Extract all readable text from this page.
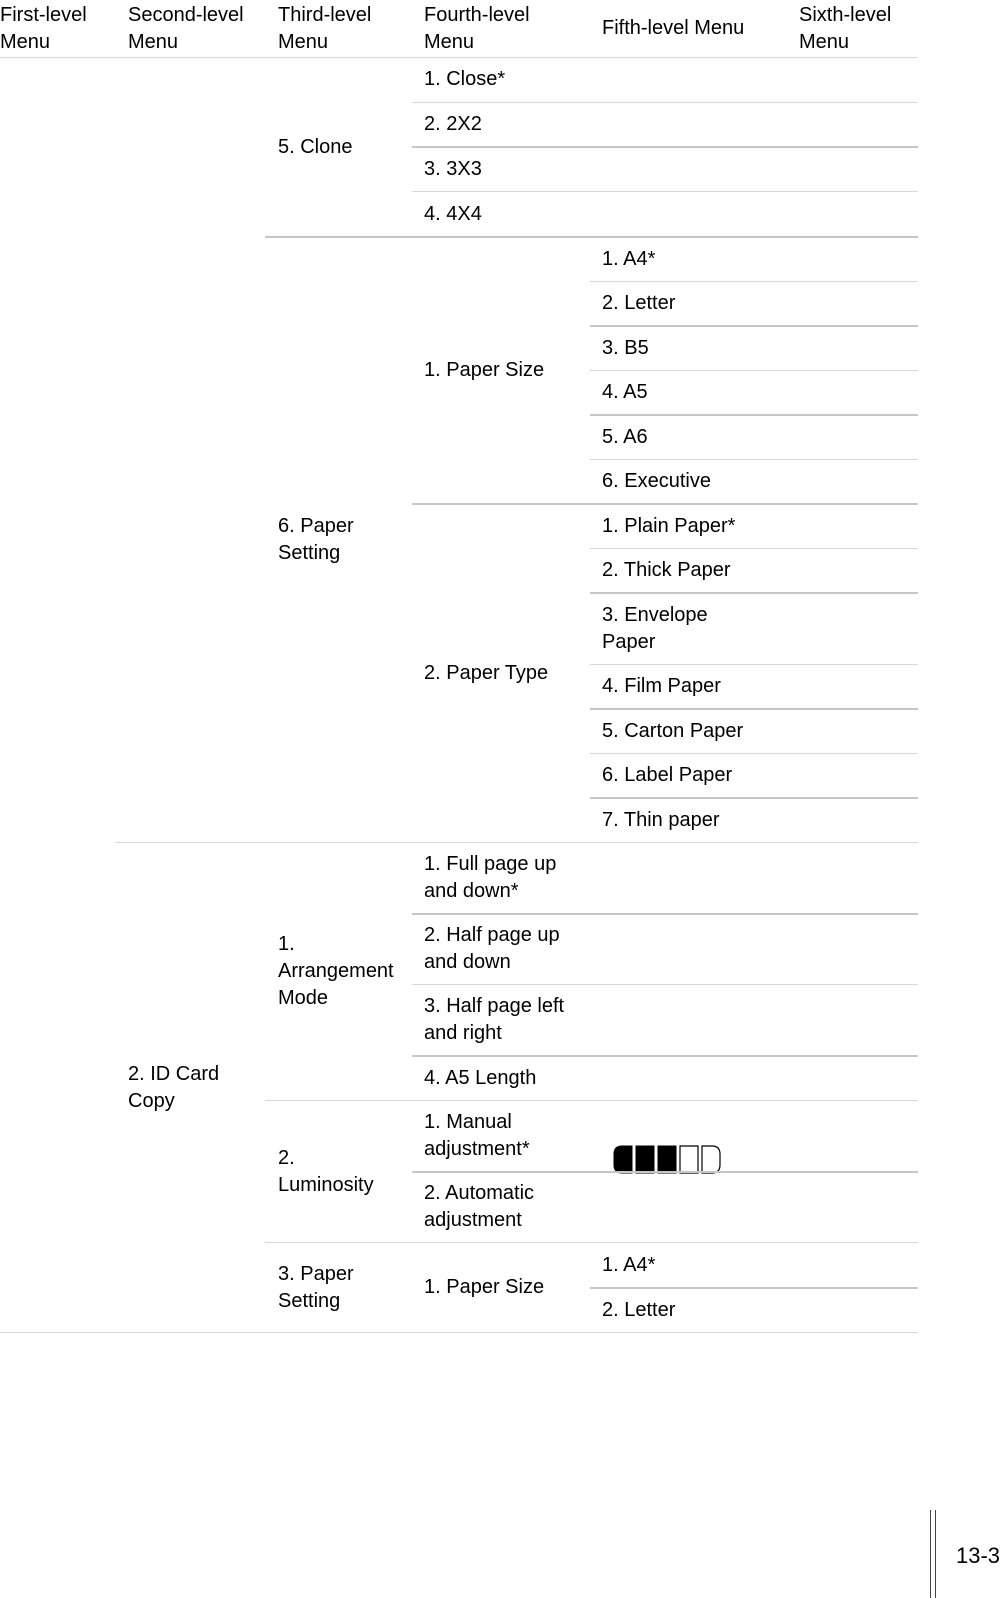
First-level
Menu
Second-level
Menu
Third-level
Menu
Fourth-level
Menu
Fifth-level Menu
Sixth-level
Menu
5. Clone
1. Close*
2. 2X2
3. 3X3
4. 4X4
6. Paper
Setting
1. Paper Size
1. A4*
2. Letter
3. B5
4. A5
5. A6
6. Executive
2. Paper Type
1. Plain Paper*
2. Thick Paper
3. Envelope
Paper
4. Film Paper
5. Carton Paper
6. Label Paper
7. Thin paper
2. ID Card
Copy
1.
Arrangement
Mode
1. Full page up
and down*
2. Half page up
and down
3. Half page left
and right
4. A5 Length
2.
Luminosity
1. Manual
adjustment*
2. Automatic
adjustment
3. Paper
Setting
1. Paper Size
1. A4*
2. Letter
13-3
